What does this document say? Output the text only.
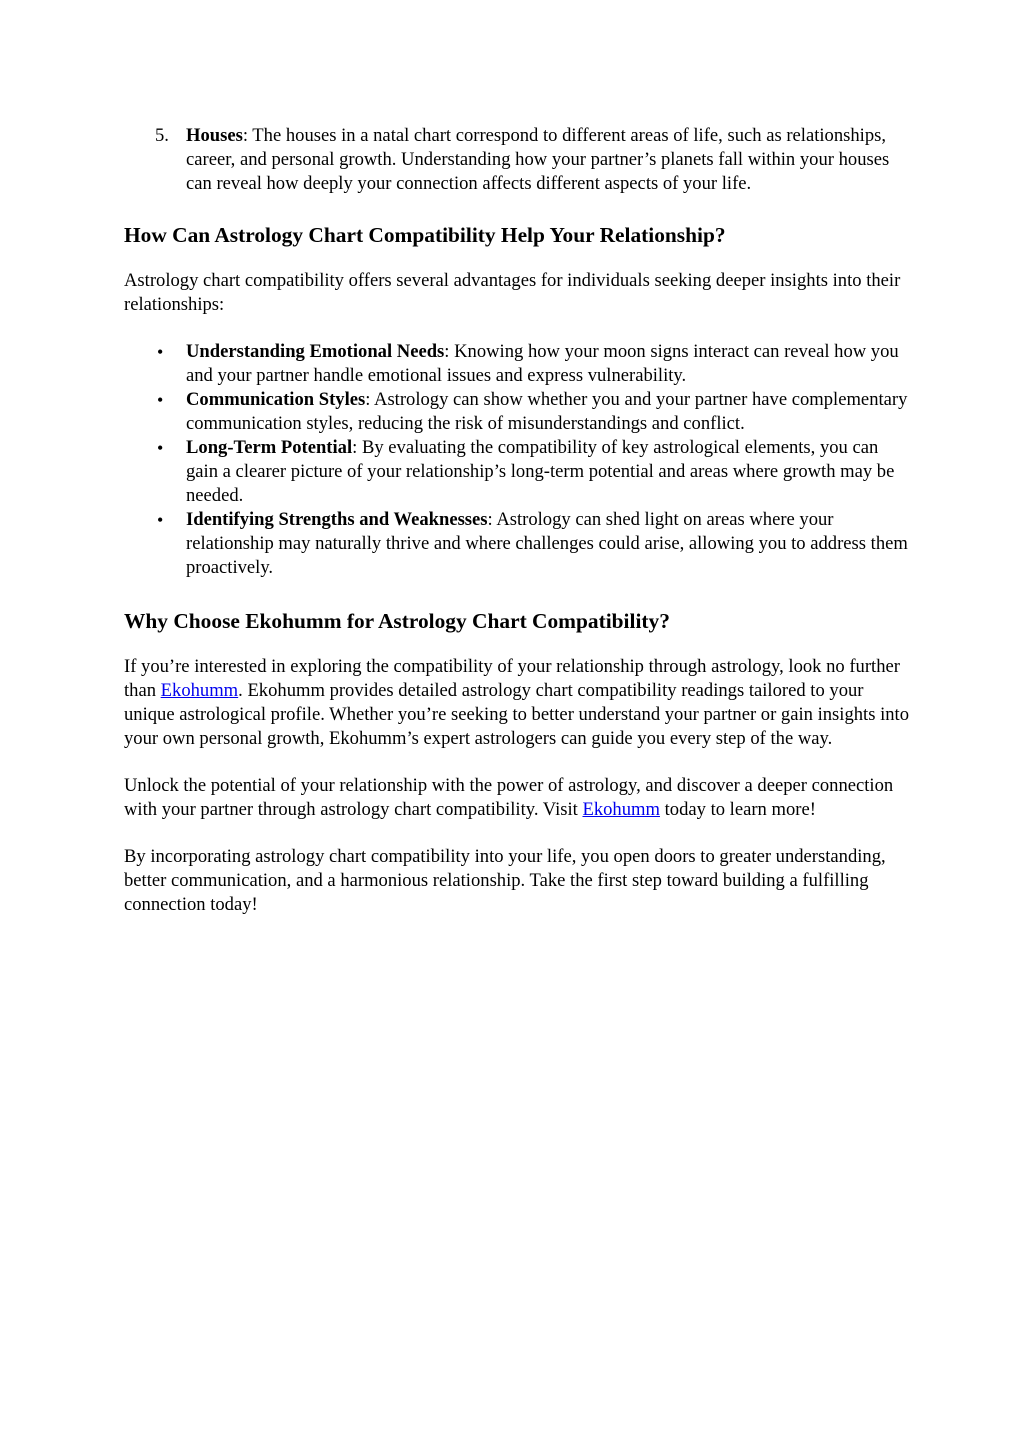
5. Houses: The houses in a natal chart correspond to different areas of life, such as relationships, career, and personal growth. Understanding how your partner’s planets fall within your houses can reveal how deeply your connection affects different aspects of your life.
How Can Astrology Chart Compatibility Help Your Relationship?

Astrology chart compatibility offers several advantages for individuals seeking deeper insights into their relationships:

• Understanding Emotional Needs: Knowing how your moon signs interact can reveal how you and your partner handle emotional issues and express vulnerability.
• Communication Styles: Astrology can show whether you and your partner have complementary communication styles, reducing the risk of misunderstandings and conflict.
• Long-Term Potential: By evaluating the compatibility of key astrological elements, you can gain a clearer picture of your relationship’s long-term potential and areas where growth may be needed.
• Identifying Strengths and Weaknesses: Astrology can shed light on areas where your relationship may naturally thrive and where challenges could arise, allowing you to address them proactively.
Why Choose Ekohumm for Astrology Chart Compatibility?

If you’re interested in exploring the compatibility of your relationship through astrology, look no further than Ekohumm. Ekohumm provides detailed astrology chart compatibility readings tailored to your unique astrological profile. Whether you’re seeking to better understand your partner or gain insights into your own personal growth, Ekohumm’s expert astrologers can guide you every step of the way.

Unlock the potential of your relationship with the power of astrology, and discover a deeper connection with your partner through astrology chart compatibility. Visit Ekohumm today to learn more!

By incorporating astrology chart compatibility into your life, you open doors to greater understanding, better communication, and a harmonious relationship. Take the first step toward building a fulfilling connection today!
